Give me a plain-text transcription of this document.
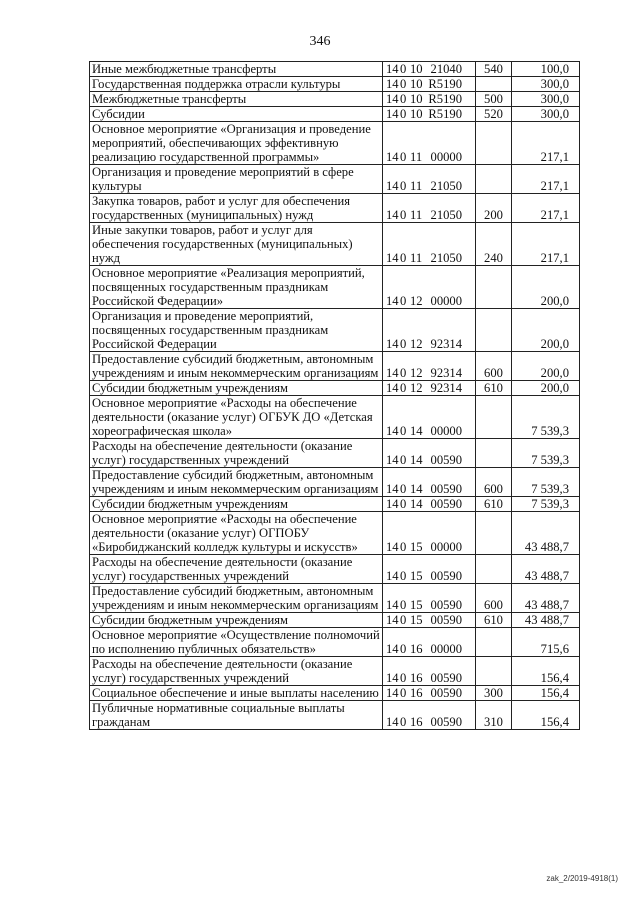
346
Иные межбюджетные трансферты	140 10 21040	540	100,0
Государственная поддержка отрасли культуры	140 10 R5190		300,0
Межбюджетные трансферты	140 10 R5190	500	300,0
Субсидии	140 10 R5190	520	300,0
Основное мероприятие «Организация и проведение мероприятий, обеспечивающих эффективную реализацию государственной программы»	140 11 00000		217,1
Организация и проведение мероприятий в сфере культуры	140 11 21050		217,1
Закупка товаров, работ и услуг для обеспечения государственных (муниципальных) нужд	140 11 21050	200	217,1
Иные закупки товаров, работ и услуг для обеспечения государственных (муниципальных) нужд	140 11 21050	240	217,1
Основное мероприятие «Реализация мероприятий, посвященных государственным праздникам Российской Федерации»	140 12 00000		200,0
Организация и проведение мероприятий, посвященных государственным праздникам Российской Федерации	140 12 92314		200,0
Предоставление субсидий бюджетным, автономным учреждениям и иным некоммерческим организациям	140 12 92314	600	200,0
Субсидии бюджетным учреждениям	140 12 92314	610	200,0
Основное мероприятие «Расходы на обеспечение деятельности (оказание услуг) ОГБУК ДО «Детская хореографическая школа»	140 14 00000		7 539,3
Расходы на обеспечение деятельности (оказание услуг) государственных учреждений	140 14 00590		7 539,3
Предоставление субсидий бюджетным, автономным учреждениям и иным некоммерческим организациям	140 14 00590	600	7 539,3
Субсидии бюджетным учреждениям	140 14 00590	610	7 539,3
Основное мероприятие «Расходы на обеспечение деятельности (оказание услуг) ОГПОБУ «Биробиджанский колледж культуры и искусств»	140 15 00000		43 488,7
Расходы на обеспечение деятельности (оказание услуг) государственных учреждений	140 15 00590		43 488,7
Предоставление субсидий бюджетным, автономным учреждениям и иным некоммерческим организациям	140 15 00590	600	43 488,7
Субсидии бюджетным учреждениям	140 15 00590	610	43 488,7
Основное мероприятие «Осуществление полномочий по исполнению публичных обязательств»	140 16 00000		715,6
Расходы на обеспечение деятельности (оказание услуг) государственных учреждений	140 16 00590		156,4
Социальное обеспечение и иные выплаты населению	140 16 00590	300	156,4
Публичные нормативные социальные выплаты гражданам	140 16 00590	310	156,4
zak_2/2019-4918(1)
